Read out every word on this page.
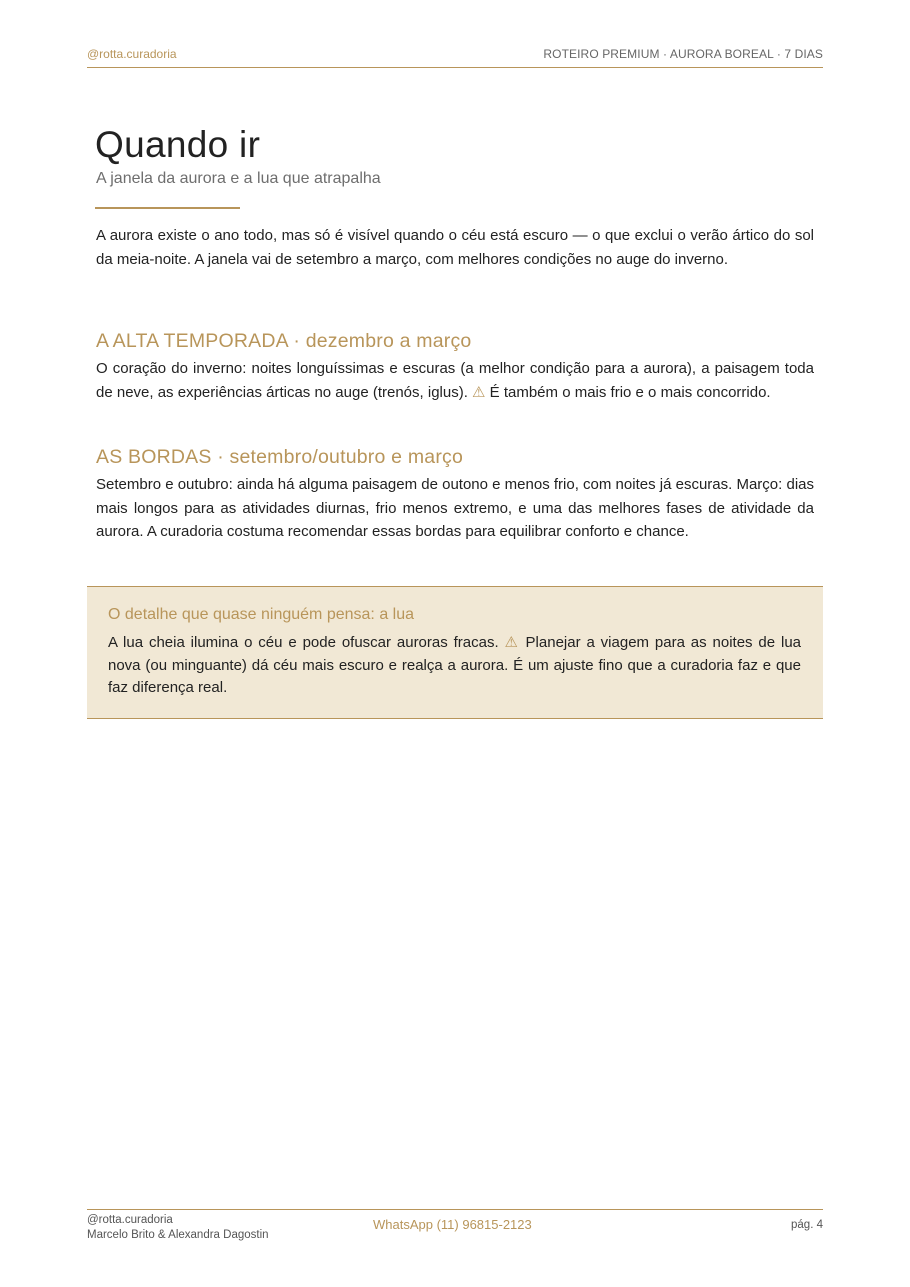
@rotta.curadoria	ROTEIRO PREMIUM · AURORA BOREAL · 7 DIAS
Quando ir
A janela da aurora e a lua que atrapalha

A aurora existe o ano todo, mas só é visível quando o céu está escuro — o que exclui o verão ártico do sol da meia-noite. A janela vai de setembro a março, com melhores condições no auge do inverno.

A ALTA TEMPORADA · dezembro a março

O coração do inverno: noites longuíssimas e escuras (a melhor condição para a aurora), a paisagem toda de neve, as experiências árticas no auge (trenós, iglus). ⚠ É também o mais frio e o mais concorrido.

AS BORDAS · setembro/outubro e março

Setembro e outubro: ainda há alguma paisagem de outono e menos frio, com noites já escuras. Março: dias mais longos para as atividades diurnas, frio menos extremo, e uma das melhores fases de atividade da aurora. A curadoria costuma recomendar essas bordas para equilibrar conforto e chance.

O detalhe que quase ninguém pensa: a lua

A lua cheia ilumina o céu e pode ofuscar auroras fracas. ⚠ Planejar a viagem para as noites de lua nova (ou minguante) dá céu mais escuro e realça a aurora. É um ajuste fino que a curadoria faz e que faz diferença real.

@rotta.curadoria
Marcelo Brito & Alexandra Dagostin
WhatsApp (11) 96815-2123	pág. 4
